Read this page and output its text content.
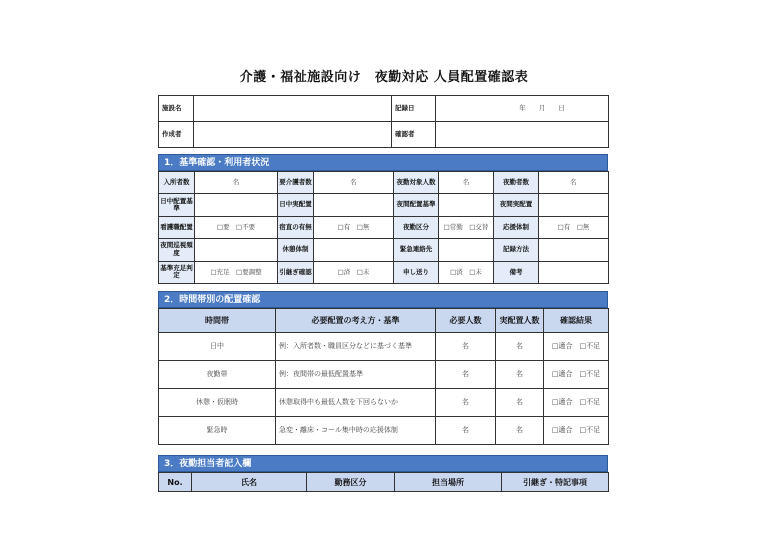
介護・福祉施設向け　夜勤対応 人員配置確認表
施設名		記録日	年　　月　　日
作成者		確認者	
1．基準確認・利用者状況
入所者数	名	要介護者数	名	夜勤対象人数	名	夜勤者数	名
日中配置基準		日中実配置		夜間配置基準		夜間実配置	
看護職配置	□要　□不要	宿直の有無	□有　□無	夜勤区分	□常勤　□交替	応援体制	□有　□無
夜間巡視頻度		休憩体制		緊急連絡先		記録方法	
基準充足判定	□充足　□要調整	引継ぎ確認	□済　□未	申し送り	□済　□未	備考	
2．時間帯別の配置確認
時間帯	必要配置の考え方・基準	必要人数	実配置人数	確認結果
日中	例：入所者数・職員区分などに基づく基準	名	名	□適合　□不足
夜勤帯	例：夜間帯の最低配置基準	名	名	□適合　□不足
休憩・仮眠時	休憩取得中も最低人数を下回らないか	名	名	□適合　□不足
緊急時	急変・離床・コール集中時の応援体制	名	名	□適合　□不足
3．夜勤担当者記入欄
No.	氏名	勤務区分	担当場所	引継ぎ・特記事項
